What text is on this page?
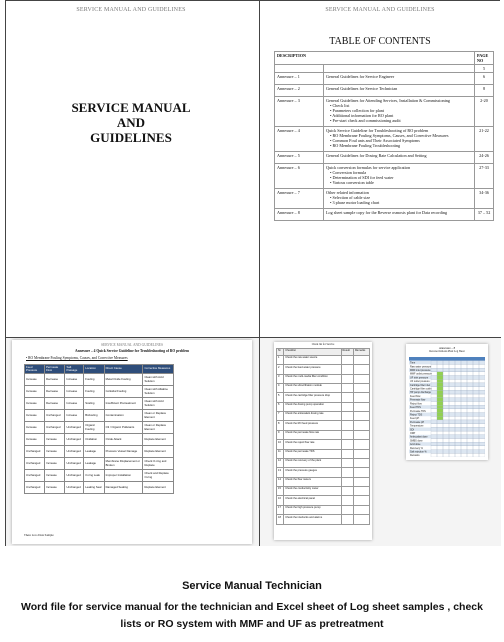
SERVICE MANUAL AND GUIDELINES
SERVICE MANUAL
AND
GUIDELINES
SERVICE MANUAL AND GUIDELINES
TABLE OF CONTENTS
DESCRIPTION		PAGE NO
		5
Annexure – 1	General Guidelines for Service Engineer	6
Annexure – 2	General Guidelines for Service Technician	8
Annexure – 3	General Guidelines for Attending Services, Installation & Commissioning
• Check list
• Parameters collection for plant
• Additional information for RO plant
• Pre-start check and commissioning audit	2-20
Annexure – 4	Quick Service Guideline for Troubleshooting of RO problem
• RO Membrane Fouling Symptoms, Causes, and Corrective Measures
• Common Foul ants and Their Associated Symptoms
• RO Membrane Fouling Troubleshooting	21-22
Annexure – 5	General Guidelines for Dosing Rate Calculation and Setting	24-26
Annexure – 6	Quick conversion formulas for service application
• Conversion formula
• Determination of SDI for feed water
• Various conversion table	27-33
Annexure – 7	Other related information
• Selection of cable size
• 3 phase motor loading chart	34-36
Annexure – 8	Log sheet sample copy for the Reverse osmosis plant for Data recording	37 – 52
SERVICE MANUAL AND GUIDELINES
Annexure – 4 Quick Service Guideline for Troubleshooting of RO problem
• RO Membrane Fouling Symptoms, Causes, and Corrective Measures
Feed Pressure	Permeate Flow	Salt Passage	Location	Direct Cause	Corrective Measures
Increase	Decrease	Increase	Fouling	Metal Oxide Fouling	Clean with Acid Solution
Increase	Decrease	Increase	Fouling	Colloidal Fouling	Clean with Alkaline Solution
Increase	Decrease	Increase	Scaling	Insufficient Pretreatment	Clean with Acid Solution
Increase	Unchanged	Increase	Biofouling	Contamination	Clean or Replace Element
Increase	Unchanged	Unchanged	Organic Fouling	Oil / Organic Pollutants	Clean or Replace Element
Increase	Increase	Unchanged	Oxidation	Oxide Attack	Replace Element
Unchanged	Increase	Unchanged	Leakage	Pressure Vessel Damage	Replace Element
Unchanged	Increase	Unchanged	Leakage	Membrane Displacement or Broken	Check O-ring and Replace
Unchanged	Increase	Unchanged	O-ring Leak	Improper Installation	Check and Replace O-ring
Unchanged	Increase	Unchanged	Leaking Seal	Damaged Sealing	Replace Element
There is no Data Sample
Check list for Service
Sl.	Checklist	Result	Remarks
1	Check the raw water source		
2	Check the feed water pressure		
3	Check the multi-media filter condition		
4	Check the ultra-filtration module		
5	Check the cartridge filter pressure drop		
6	Check the dosing pump operation		
7	Check the antiscalant dosing rate		
8	Check the RO feed pressure		
9	Check the permeate flow rate		
10	Check the reject flow rate		
11	Check the permeate TDS		
12	Check the recovery of the plant		
13	Check the pressure gauges		
14	Check the flow meters		
15	Check the conductivity meter		
16	Check the electrical panel		
17	Check the high pressure pump		
18	Check the interlocks and alarms		
Annexure – 8
Reverse Osmosis Plant Log Sheet
Time
Raw water pressure
MMF inlet pressure
MMF outlet pressure
UF inlet pressure
UF outlet pressure
Cartridge filter inlet
Cartridge filter outlet
HP pump discharge
Feed flow
Permeate flow
Reject flow
Feed TDS
Permeate TDS
Reject TDS
Feed pH
Permeate pH
Temperature
SDI
ORP
Antiscalant dose
SMBS dose
Acid dose
Recovery %
Salt rejection %
Remarks
Service Manual Technician
Word file for service manual for the technician and Excel sheet of Log sheet samples , check lists or RO system with MMF and UF as pretreatment
